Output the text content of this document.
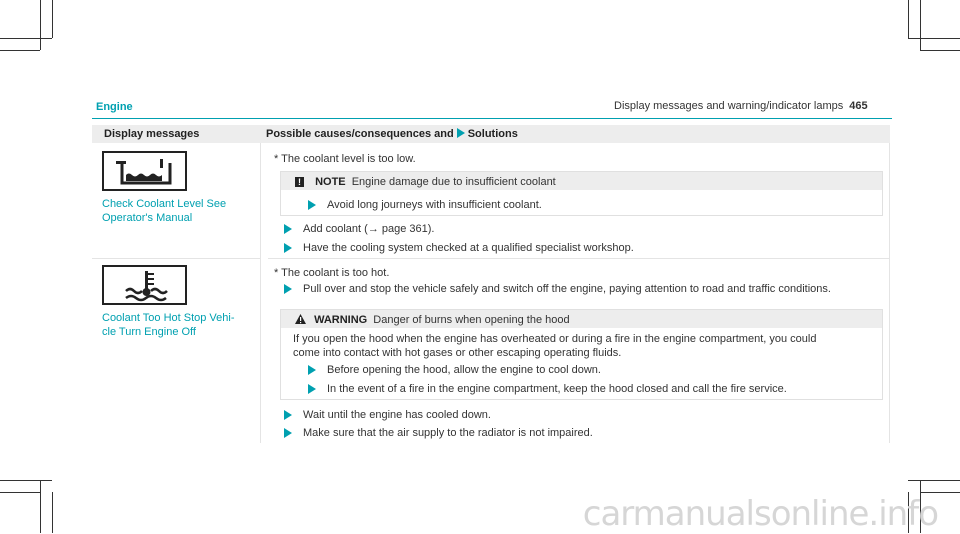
Display messages and warning/indicator lamps 465
Engine
Display messages	Possible causes/consequences and Solutions
Check Coolant Level See Operator's Manual
* The coolant level is too low.
! NOTE Engine damage due to insufficient coolant
Avoid long journeys with insufficient coolant.
Add coolant (→ page 361).
Have the cooling system checked at a qualified specialist workshop.
Coolant Too Hot Stop Vehi-cle Turn Engine Off
* The coolant is too hot.
Pull over and stop the vehicle safely and switch off the engine, paying attention to road and traffic conditions.
WARNING Danger of burns when opening the hood
If you open the hood when the engine has overheated or during a fire in the engine compartment, you could
come into contact with hot gases or other escaping operating fluids.
Before opening the hood, allow the engine to cool down.
In the event of a fire in the engine compartment, keep the hood closed and call the fire service.
Wait until the engine has cooled down.
Make sure that the air supply to the radiator is not impaired.
carmanualsonline.info
